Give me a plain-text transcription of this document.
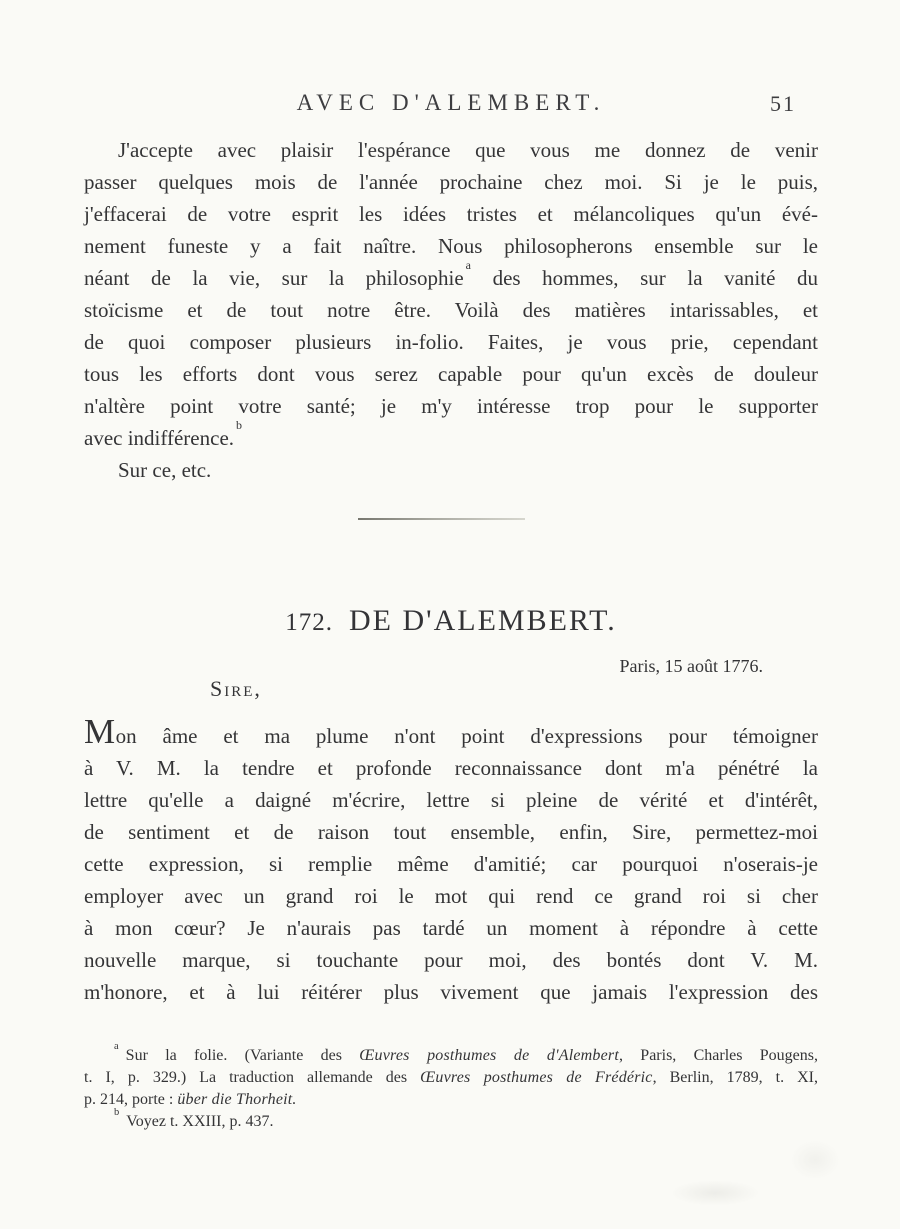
AVEC D'ALEMBERT.	51
J'accepte avec plaisir l'espérance que vous me donnez de venir
passer quelques mois de l'année prochaine chez moi. Si je le puis,
j'effacerai de votre esprit les idées tristes et mélancoliques qu'un évé-
nement funeste y a fait naître. Nous philosopherons ensemble sur le
néant de la vie, sur la philosophie$^a$ des hommes, sur la vanité du
stoïcisme et de tout notre être. Voilà des matières intarissables, et
de quoi composer plusieurs in-folio. Faites, je vous prie, cependant
tous les efforts dont vous serez capable pour qu'un excès de douleur
n'altère point votre santé; je m'y intéresse trop pour le supporter
avec indifférence.$^b$
Sur ce, etc.
172. DE D'ALEMBERT.
Paris, 15 août 1776.
Sire,
Mon âme et ma plume n'ont point d'expressions pour témoigner
à V. M. la tendre et profonde reconnaissance dont m'a pénétré la
lettre qu'elle a daigné m'écrire, lettre si pleine de vérité et d'intérêt,
de sentiment et de raison tout ensemble, enfin, Sire, permettez-moi
cette expression, si remplie même d'amitié; car pourquoi n'oserais-je
employer avec un grand roi le mot qui rend ce grand roi si cher
à mon cœur? Je n'aurais pas tardé un moment à répondre à cette
nouvelle marque, si touchante pour moi, des bontés dont V. M.
m'honore, et à lui réitérer plus vivement que jamais l'expression des
$^a$Sur la folie. (Variante des Œuvres posthumes de d'Alembert, Paris, Charles Pougens,
t. I, p. 329.) La traduction allemande des Œuvres posthumes de Frédéric, Berlin, 1789, t. XI,
p. 214, porte : über die Thorheit.
$^b$Voyez t. XXIII, p. 437.
